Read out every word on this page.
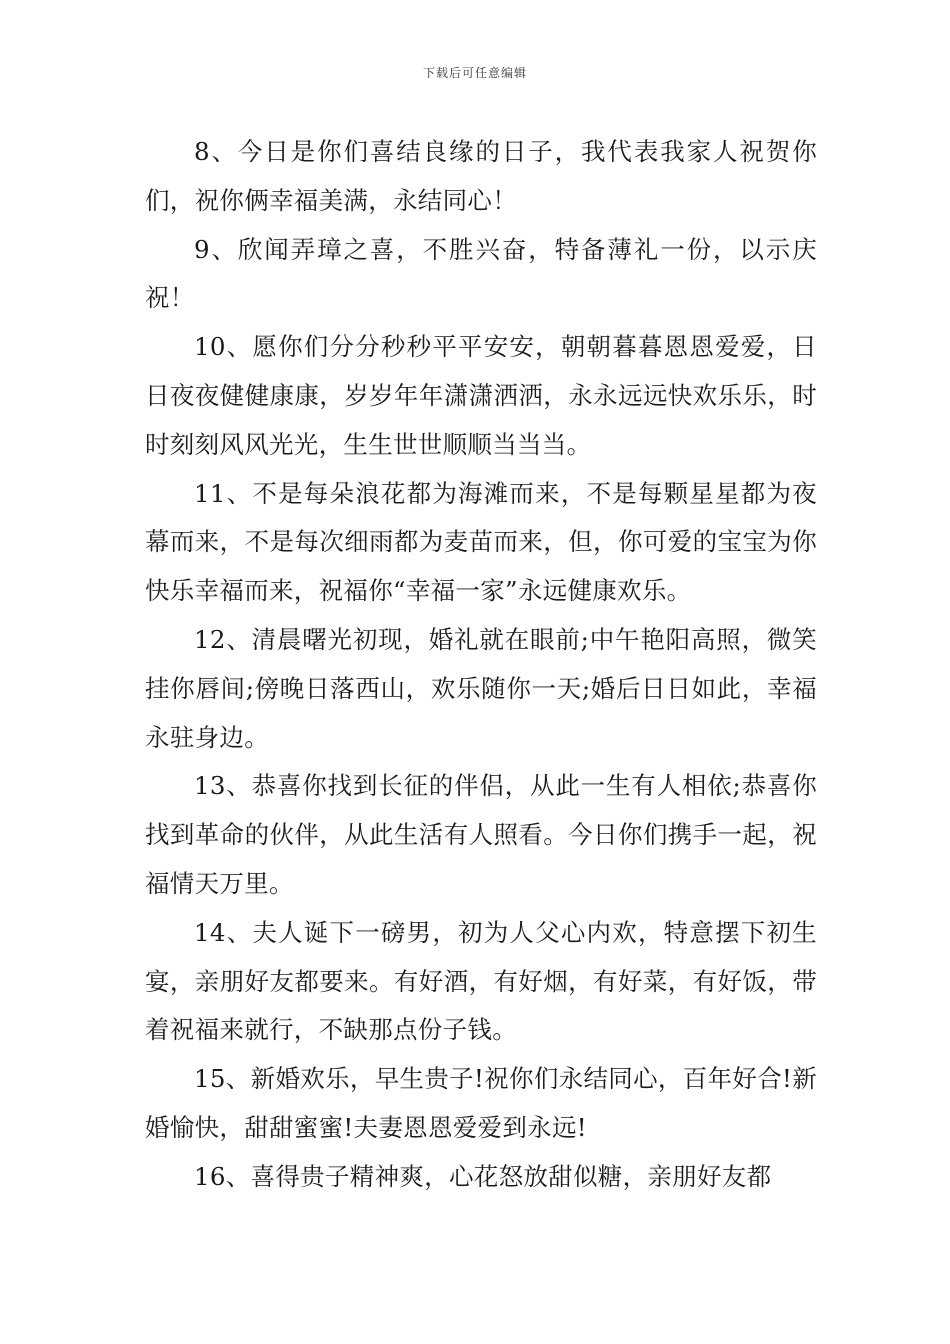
下载后可任意编辑

8、今日是你们喜结良缘的日子，我代表我家人祝贺你们，祝你俩幸福美满，永结同心！

9、欣闻弄璋之喜，不胜兴奋，特备薄礼一份，以示庆祝！

10、愿你们分分秒秒平平安安，朝朝暮暮恩恩爱爱，日日夜夜健健康康，岁岁年年潇潇洒洒，永永远远快欢乐乐，时时刻刻风风光光，生生世世顺顺当当当。

11、不是每朵浪花都为海滩而来，不是每颗星星都为夜幕而来，不是每次细雨都为麦苗而来，但，你可爱的宝宝为你快乐幸福而来，祝福你“幸福一家”永远健康欢乐。

12、清晨曙光初现，婚礼就在眼前;中午艳阳高照，微笑挂你唇间;傍晚日落西山，欢乐随你一天;婚后日日如此，幸福永驻身边。

13、恭喜你找到长征的伴侣，从此一生有人相依;恭喜你找到革命的伙伴，从此生活有人照看。今日你们携手一起，祝福情天万里。

14、夫人诞下一磅男，初为人父心内欢，特意摆下初生宴，亲朋好友都要来。有好酒，有好烟，有好菜，有好饭，带着祝福来就行，不缺那点份子钱。

15、新婚欢乐，早生贵子!祝你们永结同心，百年好合!新婚愉快，甜甜蜜蜜!夫妻恩恩爱爱到永远!

16、喜得贵子精神爽，心花怒放甜似糖，亲朋好友都
